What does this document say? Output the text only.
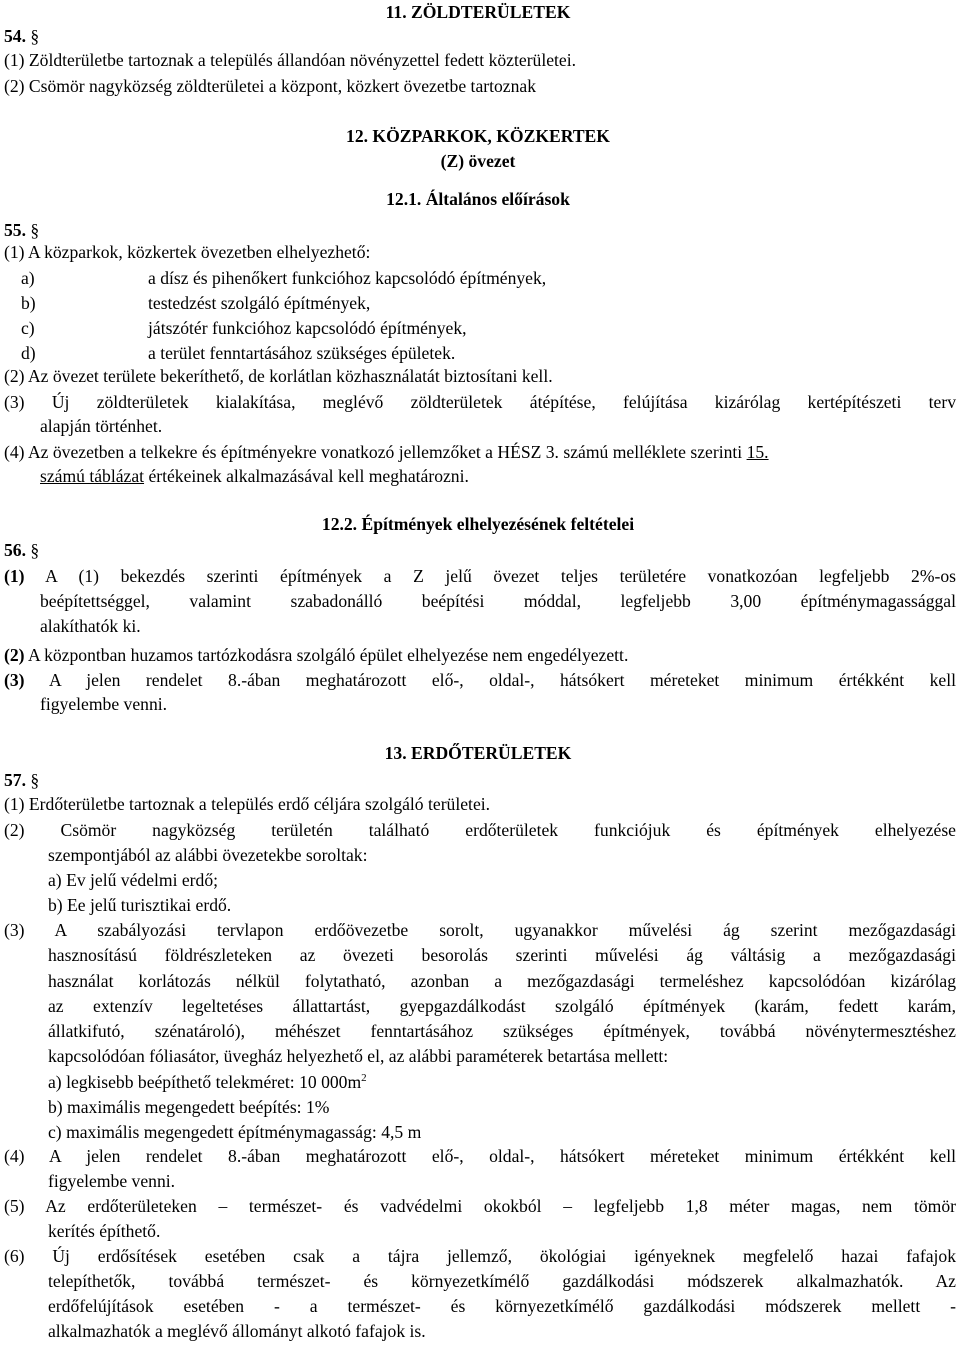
11. ZÖLDTERÜLETEK
54. §
(1) Zöldterületbe tartoznak a település állandóan növényzettel fedett közterületei.
(2) Csömör nagyközség zöldterületei a központ, közkert övezetbe tartoznak
12. KÖZPARKOK, KÖZKERTEK
(Z) övezet
12.1. Általános előírások
55. §
(1) A közparkok, közkertek övezetben elhelyezhető:
a)	a dísz és pihenőkert funkcióhoz kapcsolódó építmények,
b)	testedzést szolgáló építmények,
c)	játszótér funkcióhoz kapcsolódó építmények,
d)	a terület fenntartásához szükséges épületek.
(2) Az övezet területe bekeríthető, de korlátlan közhasználatát biztosítani kell.
(3) Új zöldterületek kialakítása, meglévő zöldterületek átépítése, felújítása kizárólag kertépítészeti terv
alapján történhet.
(4) Az övezetben a telkekre és építményekre vonatkozó jellemzőket a HÉSZ 3. számú melléklete szerinti 15.
számú táblázat értékeinek alkalmazásával kell meghatározni.
12.2. Építmények elhelyezésének feltételei
56. §
(1) A (1) bekezdés szerinti építmények a Z jelű övezet teljes területére vonatkozóan legfeljebb 2%-os
beépítettséggel, valamint szabadonálló beépítési móddal, legfeljebb 3,00 építménymagassággal
alakíthatók ki.
(2) A központban huzamos tartózkodásra szolgáló épület elhelyezése nem engedélyezett.
(3) A jelen rendelet 8.-ában meghatározott elő-, oldal-, hátsókert méreteket minimum értékként kell
figyelembe venni.
13. ERDŐTERÜLETEK
57. §
(1) Erdőterületbe tartoznak a település erdő céljára szolgáló területei.
(2) Csömör nagyközség területén található erdőterületek funkciójuk és építmények elhelyezése
szempontjából az alábbi övezetekbe soroltak:
a) Ev jelű védelmi erdő;
b) Ee jelű turisztikai erdő.
(3) A szabályozási tervlapon erdőövezetbe sorolt, ugyanakkor művelési ág szerint mezőgazdasági
hasznosítású földrészleteken az övezeti besorolás szerinti művelési ág váltásig a mezőgazdasági
használat korlátozás nélkül folytatható, azonban a mezőgazdasági termeléshez kapcsolódóan kizárólag
az extenzív legeltetéses állattartást, gyepgazdálkodást szolgáló építmények (karám, fedett karám,
állatkifutó, szénatároló), méhészet fenntartásához szükséges építmények, továbbá növénytermesztéshez
kapcsolódóan fóliasátor, üvegház helyezhető el, az alábbi paraméterek betartása mellett:
a) legkisebb beépíthető telekméret: 10 $000m^2$
b) maximális megengedett beépítés: 1%
c) maximális megengedett építménymagasság: 4,5 m
(4) A jelen rendelet 8.-ában meghatározott elő-, oldal-, hátsókert méreteket minimum értékként kell
figyelembe venni.
(5) Az erdőterületeken – természet- és vadvédelmi okokból – legfeljebb 1,8 méter magas, nem tömör
kerítés építhető.
(6) Új erdősítések esetében csak a tájra jellemző, ökológiai igényeknek megfelelő hazai fafajok
telepíthetők, továbbá természet- és környezetkímélő gazdálkodási módszerek alkalmazhatók. Az
erdőfelújítások esetében - a természet- és környezetkímélő gazdálkodási módszerek mellett -
alkalmazhatók a meglévő állományt alkotó fafajok is.
